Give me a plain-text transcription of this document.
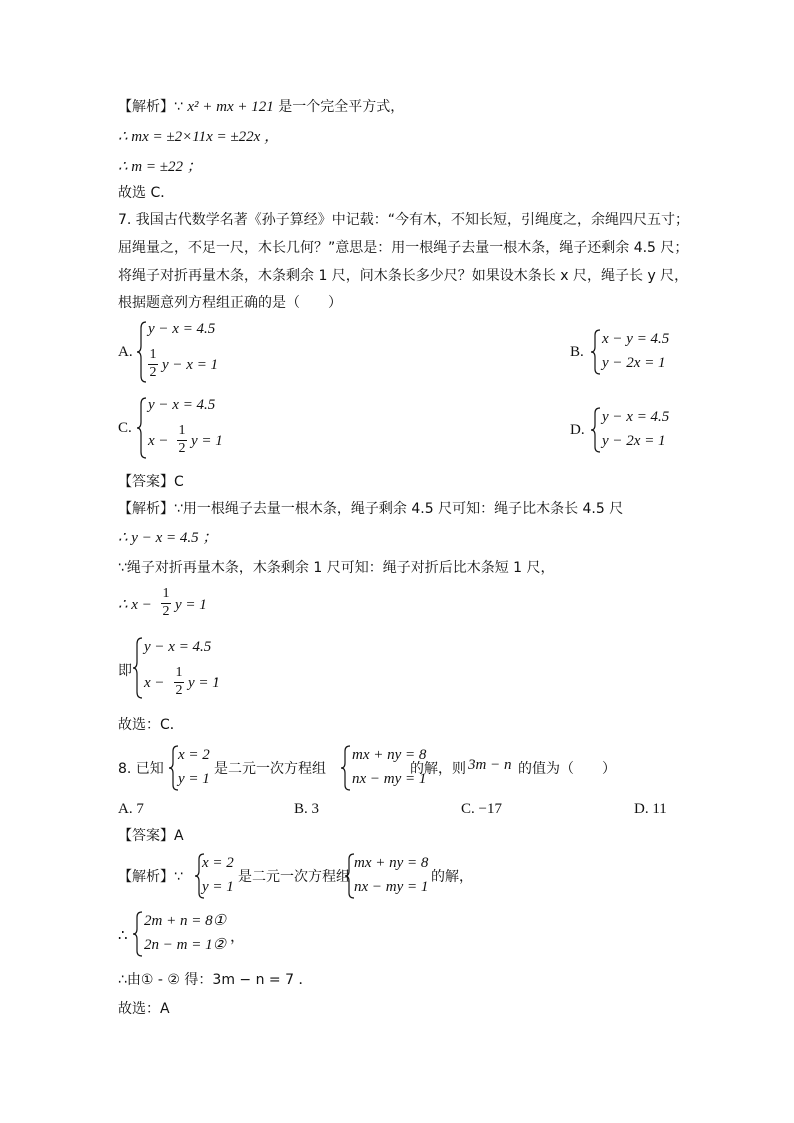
【解析】∵ x² + mx + 121 是一个完全平方式，
∴ mx = ±2×11x = ±22x ，
∴ m = ±22 ；
故选 C．
7. 我国古代数学名著《孙子算经》中记载：“今有木，不知长短，引绳度之，余绳四尺五寸；
屈绳量之，不足一尺，木长几何？”意思是：用一根绳子去量一根木条，绳子还剩余 4.5 尺；
将绳子对折再量木条，木条剩余 1 尺，问木条长多少尺？如果设木条长 x 尺，绳子长 y 尺，
根据题意列方程组正确的是（　　）
A.
y − x = 4.5
1
2 y − x = 1
B.
x − y = 4.5
y − 2x = 1
C.
y − x = 4.5
x −
1
2 y = 1
D.
y − x = 4.5
y − 2x = 1
【答案】C
【解析】∵用一根绳子去量一根木条，绳子剩余 4.5 尺可知：绳子比木条长 4.5 尺
∴ y − x = 4.5 ；
∵绳子对折再量木条，木条剩余 1 尺可知：绳子对折后比木条短 1 尺，
∴ x −
1
2 y = 1
即
y − x = 4.5
x −
1
2 y = 1
．
故选：C．
8. 已知
x = 2
y = 1
是二元一次方程组
mx + ny = 8
nx − my = 1
的解，则 3m − n 的值为（　　）
A. 7	B. 3	C. −17	D. 11
【答案】A
【解析】∵
x = 2
y = 1
是二元一次方程组
mx + ny = 8
nx − my = 1
的解，
∴
2m + n = 8①
2n − m = 1② ，
∴由① - ② 得：3m − n = 7 ．
故选：A
